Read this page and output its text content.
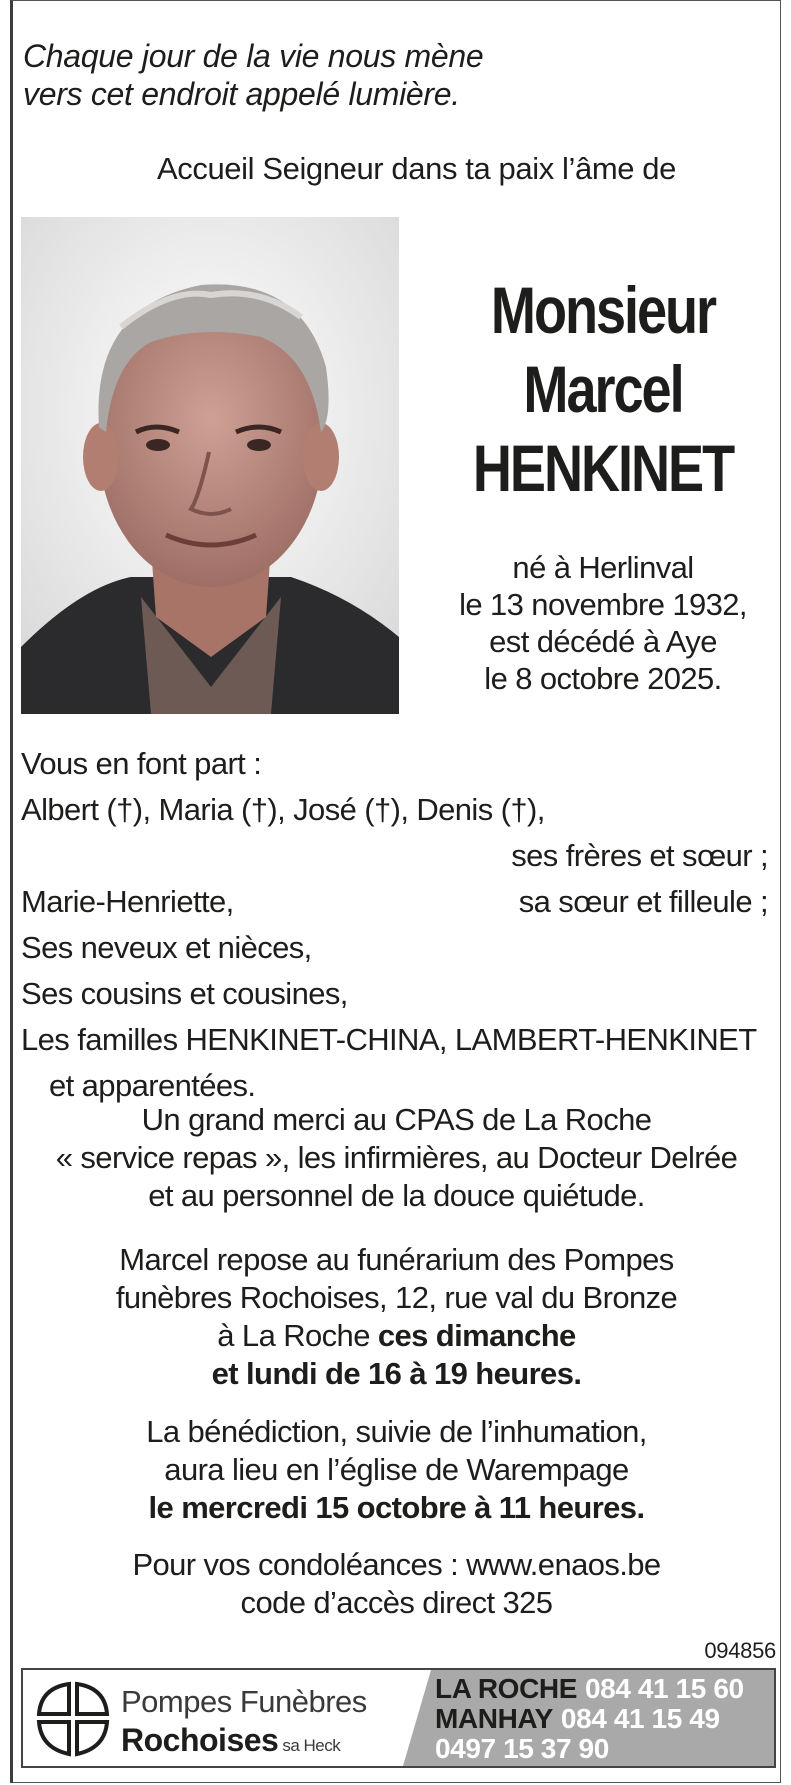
Chaque jour de la vie nous mène
vers cet endroit appelé lumière.
Accueil Seigneur dans ta paix l’âme de
Monsieur
Marcel
HENKINET
né à Herlinval
le 13 novembre 1932,
est décédé à Aye
le 8 octobre 2025.
Vous en font part :
Albert (†), Maria (†), José (†), Denis (†),
ses frères et sœur ;
Marie-Henriette,	sa sœur et filleule ;
Ses neveux et nièces,
Ses cousins et cousines,
Les familles HENKINET-CHINA, LAMBERT-HENKINET
et apparentées.
Un grand merci au CPAS de La Roche
« service repas », les infirmières, au Docteur Delrée
et au personnel de la douce quiétude.
Marcel repose au funérarium des Pompes
funèbres Rochoises, 12, rue val du Bronze
à La Roche ces dimanche
et lundi de 16 à 19 heures.
La bénédiction, suivie de l’inhumation,
aura lieu en l’église de Warempage
le mercredi 15 octobre à 11 heures.
Pour vos condoléances : www.enaos.be
code d’accès direct 325
094856
Pompes Funèbres
Rochoises sa Heck
LA ROCHE 084 41 15 60
MANHAY 084 41 15 49
0497 15 37 90
